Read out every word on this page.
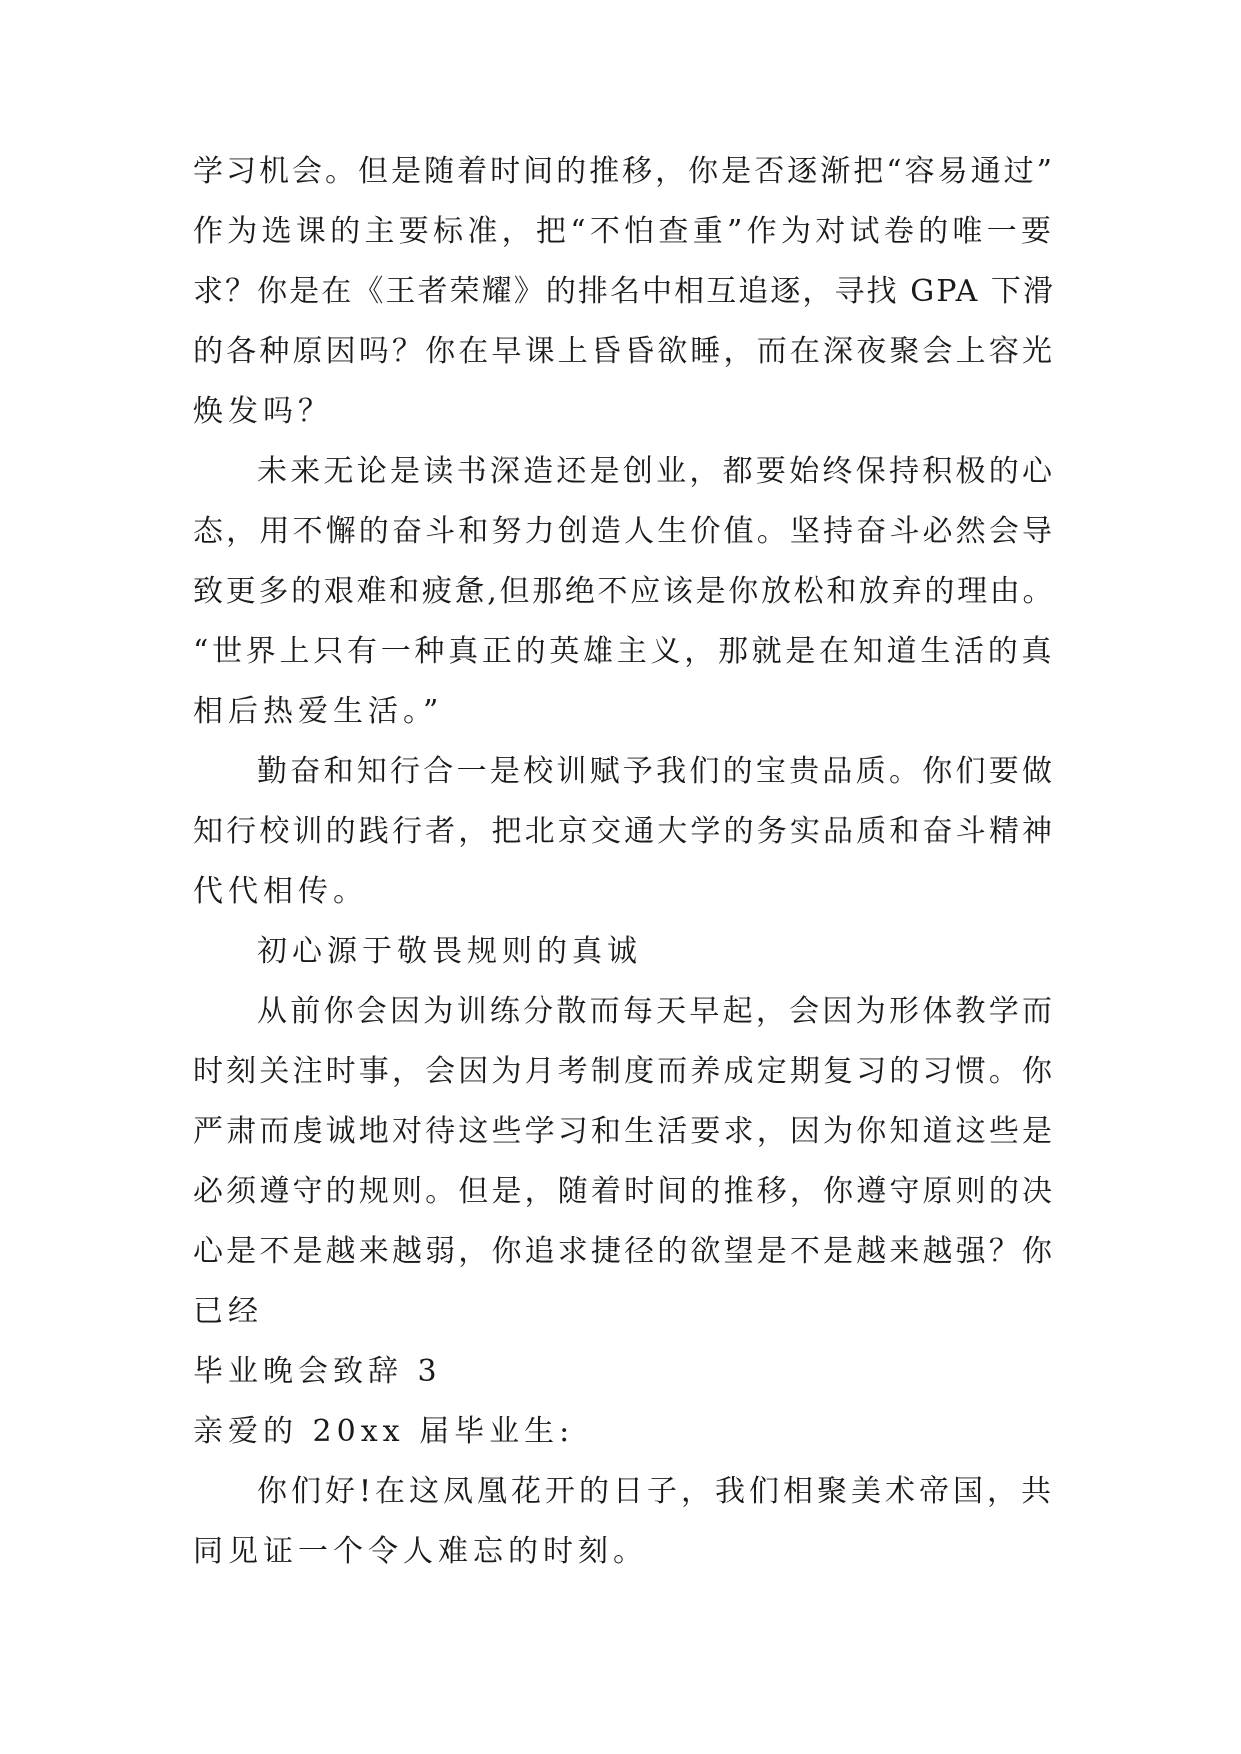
学习机会。但是随着时间的推移，你是否逐渐把“容易通过”
作为选课的主要标准，把“不怕查重”作为对试卷的唯一要
求？你是在《王者荣耀》的排名中相互追逐，寻找 GPA 下滑
的各种原因吗？你在早课上昏昏欲睡，而在深夜聚会上容光
焕发吗？

未来无论是读书深造还是创业，都要始终保持积极的心
态，用不懈的奋斗和努力创造人生价值。坚持奋斗必然会导
致更多的艰难和疲惫,但那绝不应该是你放松和放弃的理由。
“世界上只有一种真正的英雄主义，那就是在知道生活的真
相后热爱生活。”

勤奋和知行合一是校训赋予我们的宝贵品质。你们要做
知行校训的践行者，把北京交通大学的务实品质和奋斗精神
代代相传。

初心源于敬畏规则的真诚

从前你会因为训练分散而每天早起，会因为形体教学而
时刻关注时事，会因为月考制度而养成定期复习的习惯。你
严肃而虔诚地对待这些学习和生活要求，因为你知道这些是
必须遵守的规则。但是，随着时间的推移，你遵守原则的决
心是不是越来越弱，你追求捷径的欲望是不是越来越强？你
已经

毕业晚会致辞 3

亲爱的 20xx 届毕业生:

你们好!在这凤凰花开的日子，我们相聚美术帝国，共
同见证一个令人难忘的时刻。
